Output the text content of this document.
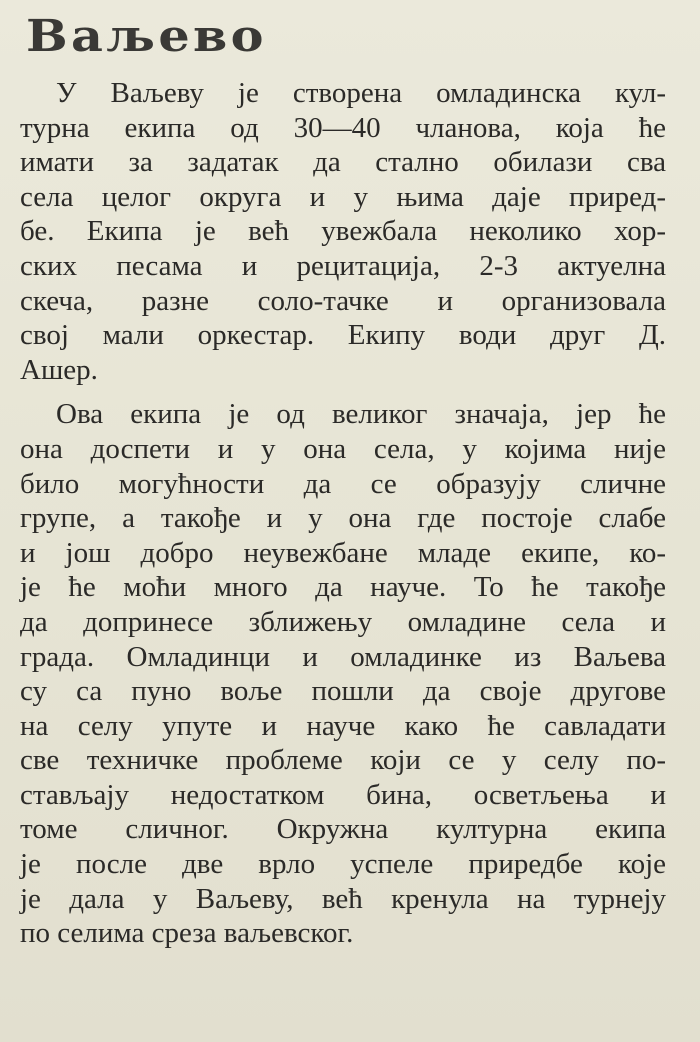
Ваљево

У Ваљеву је створена омладинска кул-
турна екипа од 30—40 чланова, која ће
имати за задатак да стално обилази сва
села целог округа и у њима даје приред-
бе. Екипа је већ увежбала неколико хор-
ских песама и рецитација, 2-3 актуелна
скеча, разне соло-тачке и организовала
свој мали оркестар. Екипу води друг Д.
Ашер.

Ова екипа је од великог значаја, јер ће
она доспети и у она села, у којима није
било могућности да се образују сличне
групе, а такође и у она где постоје слабе
и још добро неувежбане младе екипе, ко-
је ће моћи много да науче. То ће такође
да допринесе зближењу омладине села и
града. Омладинци и омладинке из Ваљева
су са пуно воље пошли да своје другове
на селу упуте и науче како ће савладати
све техничке проблеме који се у селу по-
стављају недостатком бина, осветљења и
томе сличног. Окружна културна екипа
је после две врло успеле приредбе које
је дала у Ваљеву, већ кренула на турнеју
по селима среза ваљевског.
